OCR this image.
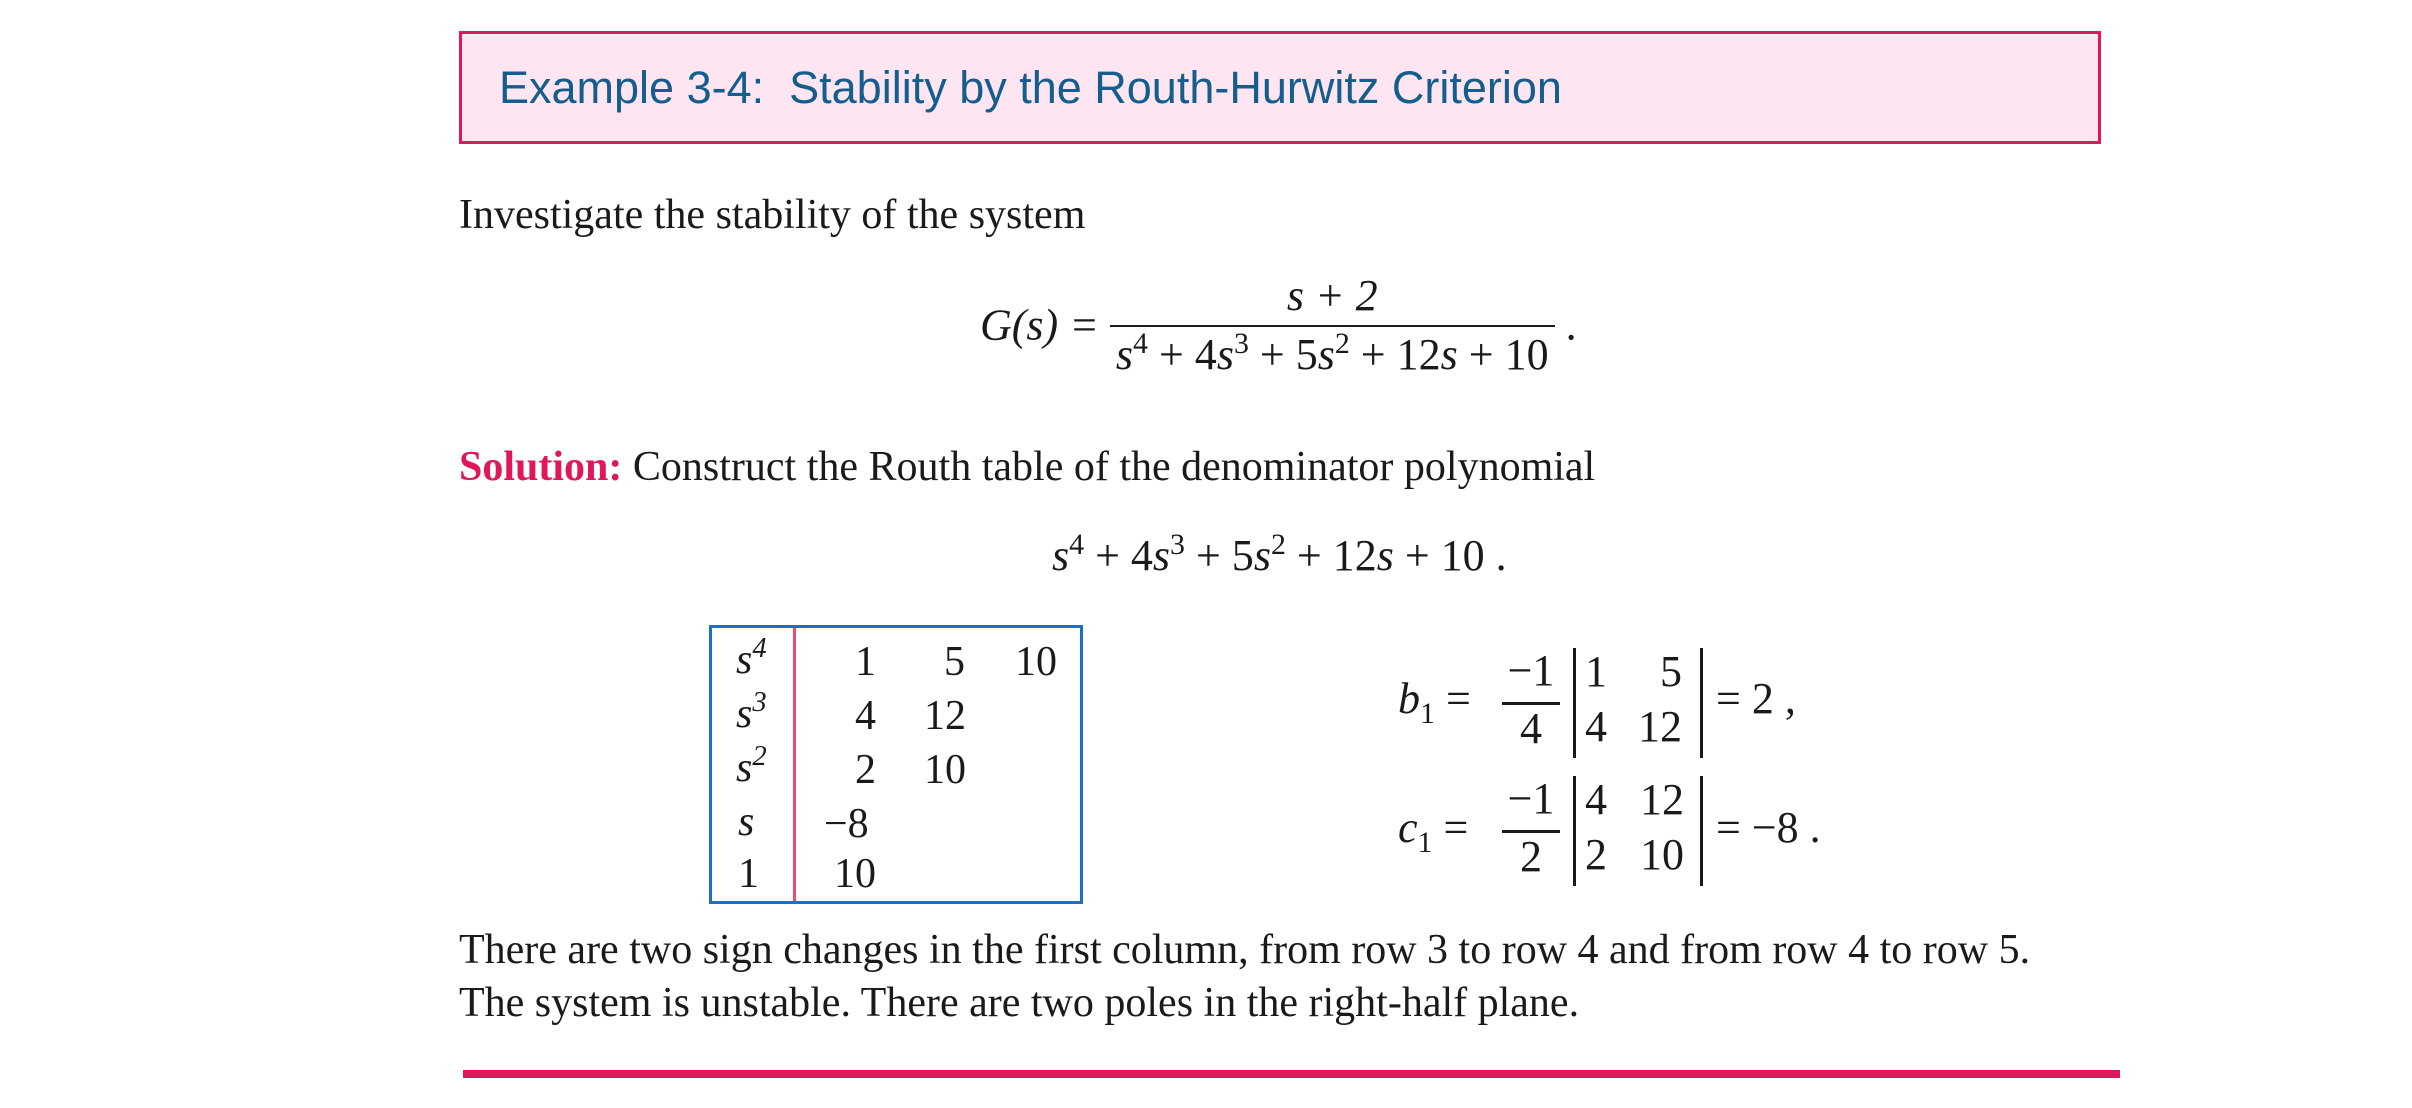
Example 3-4:  Stability by the Routh-Hurwitz Criterion
Investigate the stability of the system
$G(s) = \frac{s + 2}{s^4 + 4s^3 + 5s^2 + 12s + 10}$ .
Solution: Construct the Routh table of the denominator polynomial
$s^4 + 4s^3 + 5s^2 + 12s + 10$ .
$s^4$ 1 5 10
$s^3$ 4 12
$s^2$ 2 10
s −8
1 10
$b_1$ =
−1
4
1 5
4 12
= 2 ,
$c_1$ =
−1
2
4 12
2 10
= −8 .
There are two sign changes in the first column, from row 3 to row 4 and from row 4 to row 5.
The system is unstable. There are two poles in the right-half plane.
